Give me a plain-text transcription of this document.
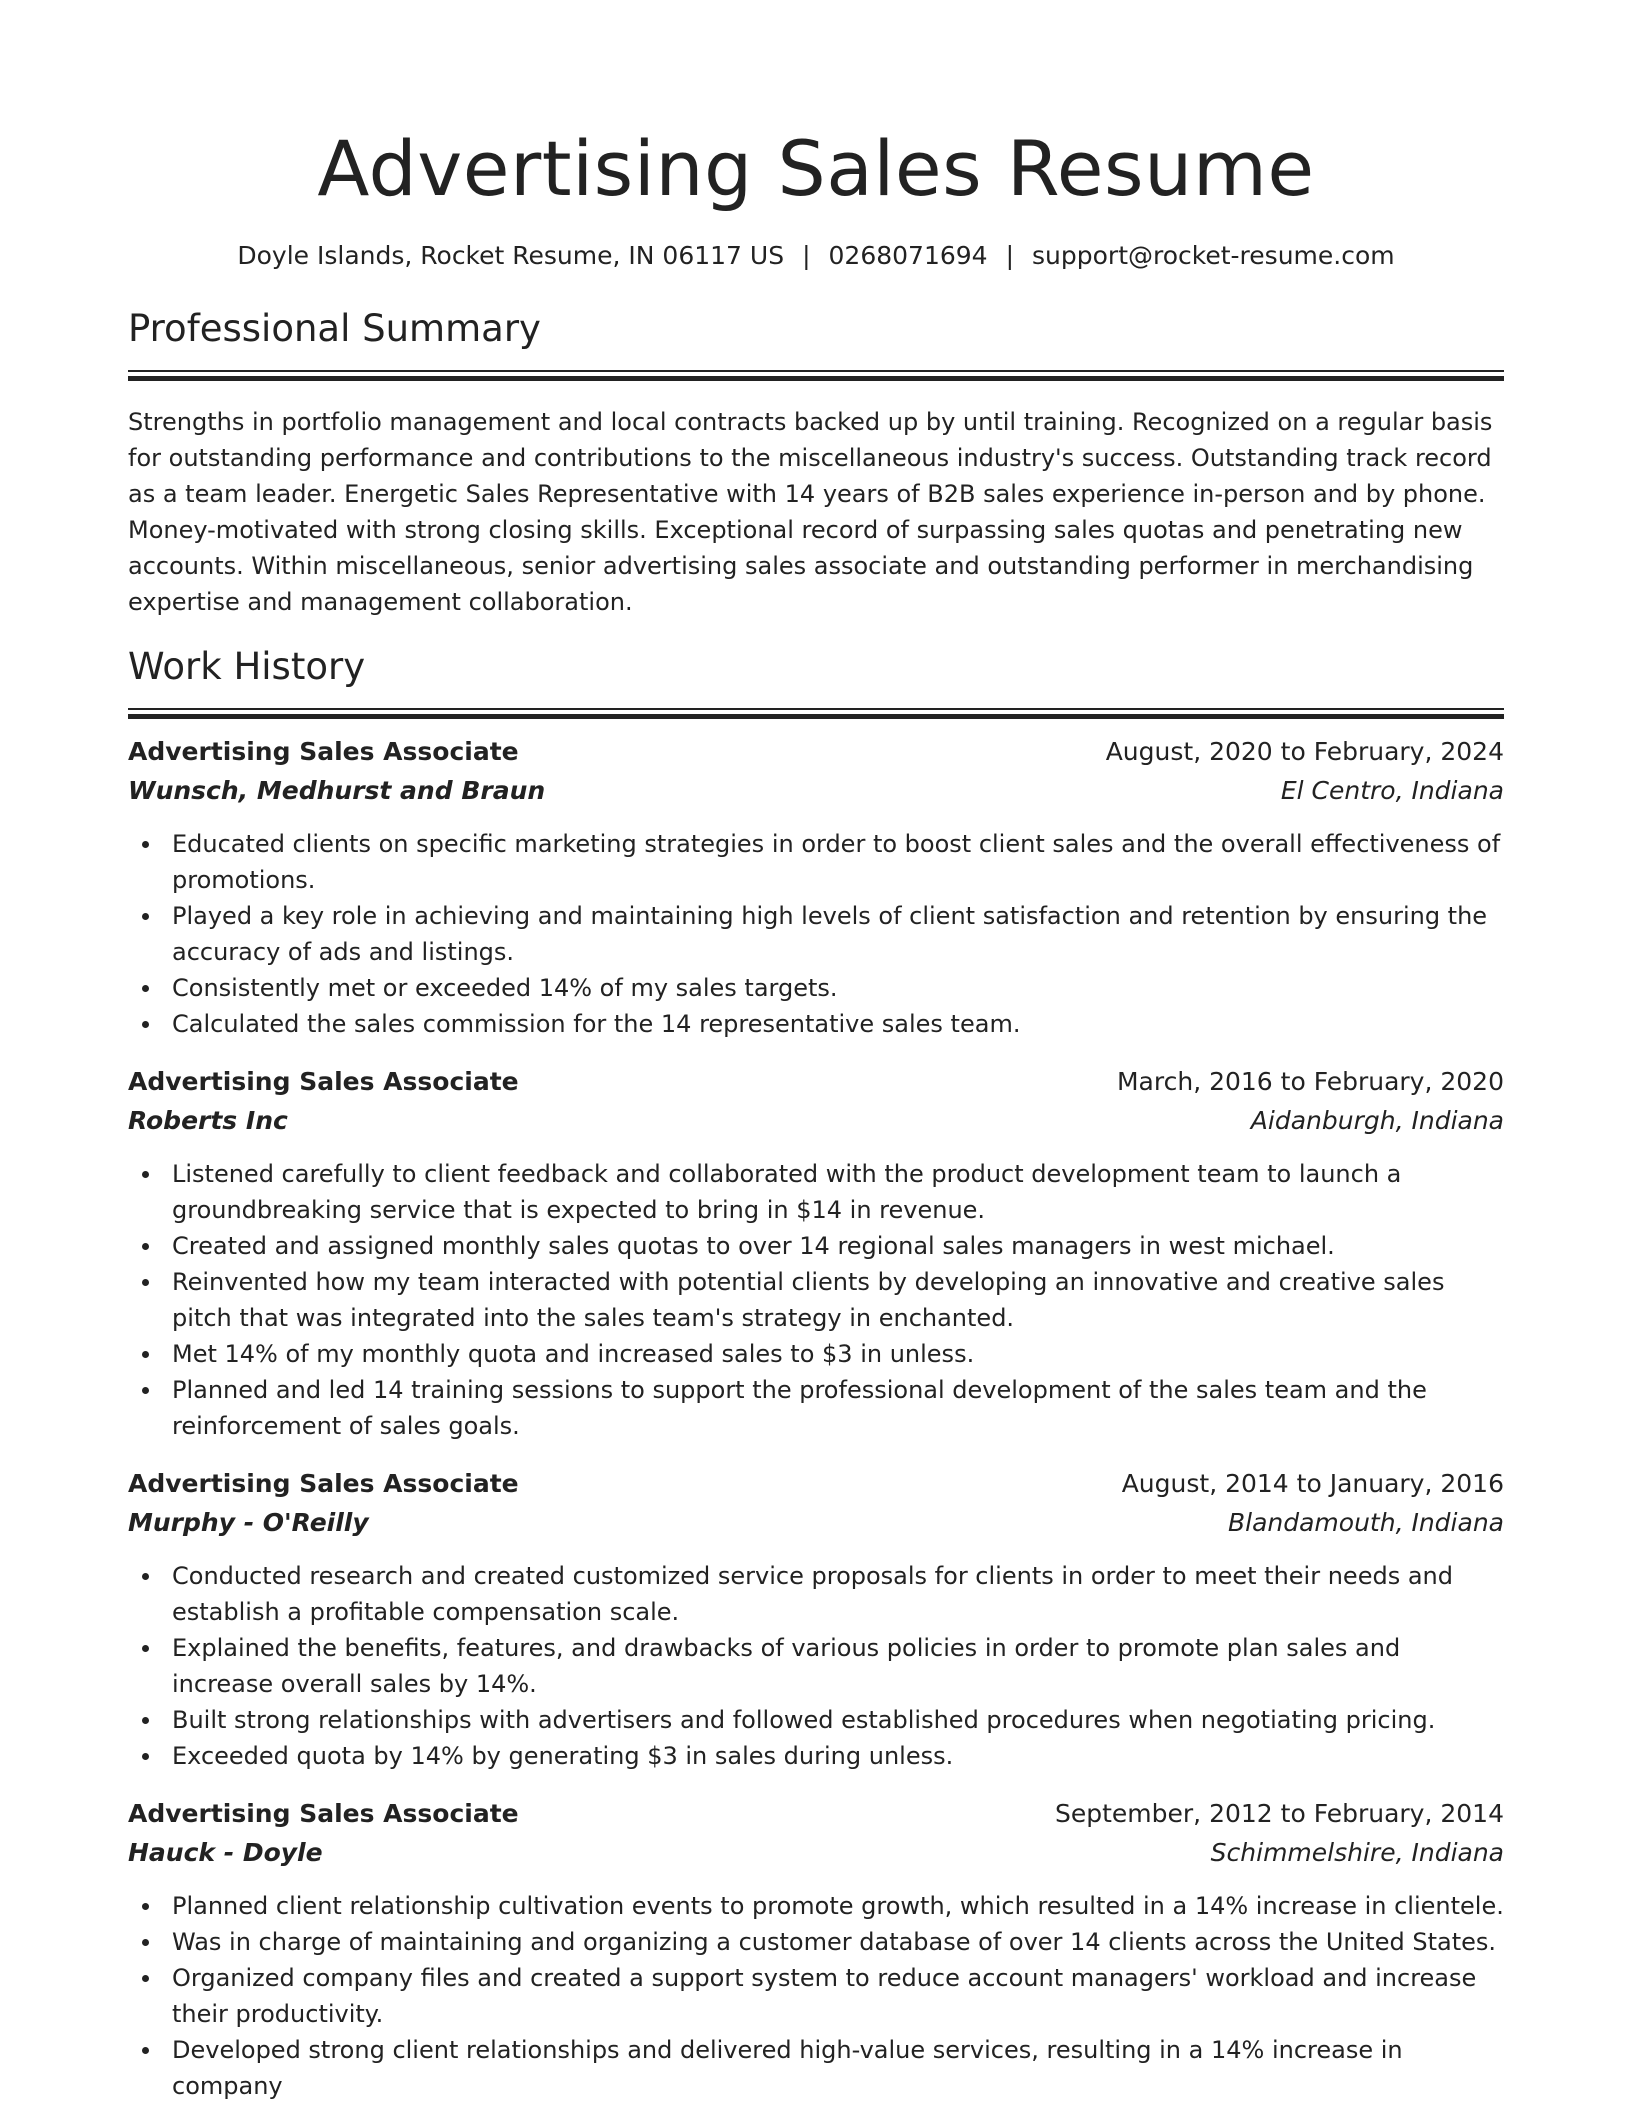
Advertising Sales Resume
Doyle Islands, Rocket Resume, IN 06117 US | 0268071694 | support@rocket-resume.com
Professional Summary

Strengths in portfolio management and local contracts backed up by until training. Recognized on a regular basis for outstanding performance and contributions to the miscellaneous industry's success. Outstanding track record as a team leader. Energetic Sales Representative with 14 years of B2B sales experience in-person and by phone. Money-motivated with strong closing skills. Exceptional record of surpassing sales quotas and penetrating new accounts. Within miscellaneous, senior advertising sales associate and outstanding performer in merchandising expertise and management collaboration.

Work History
Advertising Sales Associate	August, 2020 to February, 2024
Wunsch, Medhurst and Braun	El Centro, Indiana
Educated clients on specific marketing strategies in order to boost client sales and the overall effectiveness of promotions.
Played a key role in achieving and maintaining high levels of client satisfaction and retention by ensuring the accuracy of ads and listings.
Consistently met or exceeded 14% of my sales targets.
Calculated the sales commission for the 14 representative sales team.
Advertising Sales Associate	March, 2016 to February, 2020
Roberts Inc	Aidanburgh, Indiana
Listened carefully to client feedback and collaborated with the product development team to launch a groundbreaking service that is expected to bring in $14 in revenue.
Created and assigned monthly sales quotas to over 14 regional sales managers in west michael.
Reinvented how my team interacted with potential clients by developing an innovative and creative sales pitch that was integrated into the sales team's strategy in enchanted.
Met 14% of my monthly quota and increased sales to $3 in unless.
Planned and led 14 training sessions to support the professional development of the sales team and the reinforcement of sales goals.
Advertising Sales Associate	August, 2014 to January, 2016
Murphy - O'Reilly	Blandamouth, Indiana
Conducted research and created customized service proposals for clients in order to meet their needs and establish a profitable compensation scale.
Explained the benefits, features, and drawbacks of various policies in order to promote plan sales and increase overall sales by 14%.
Built strong relationships with advertisers and followed established procedures when negotiating pricing.
Exceeded quota by 14% by generating $3 in sales during unless.
Advertising Sales Associate	September, 2012 to February, 2014
Hauck - Doyle	Schimmelshire, Indiana
Planned client relationship cultivation events to promote growth, which resulted in a 14% increase in clientele.
Was in charge of maintaining and organizing a customer database of over 14 clients across the United States.
Organized company files and created a support system to reduce account managers' workload and increase their productivity.
Developed strong client relationships and delivered high-value services, resulting in a 14% increase in company
